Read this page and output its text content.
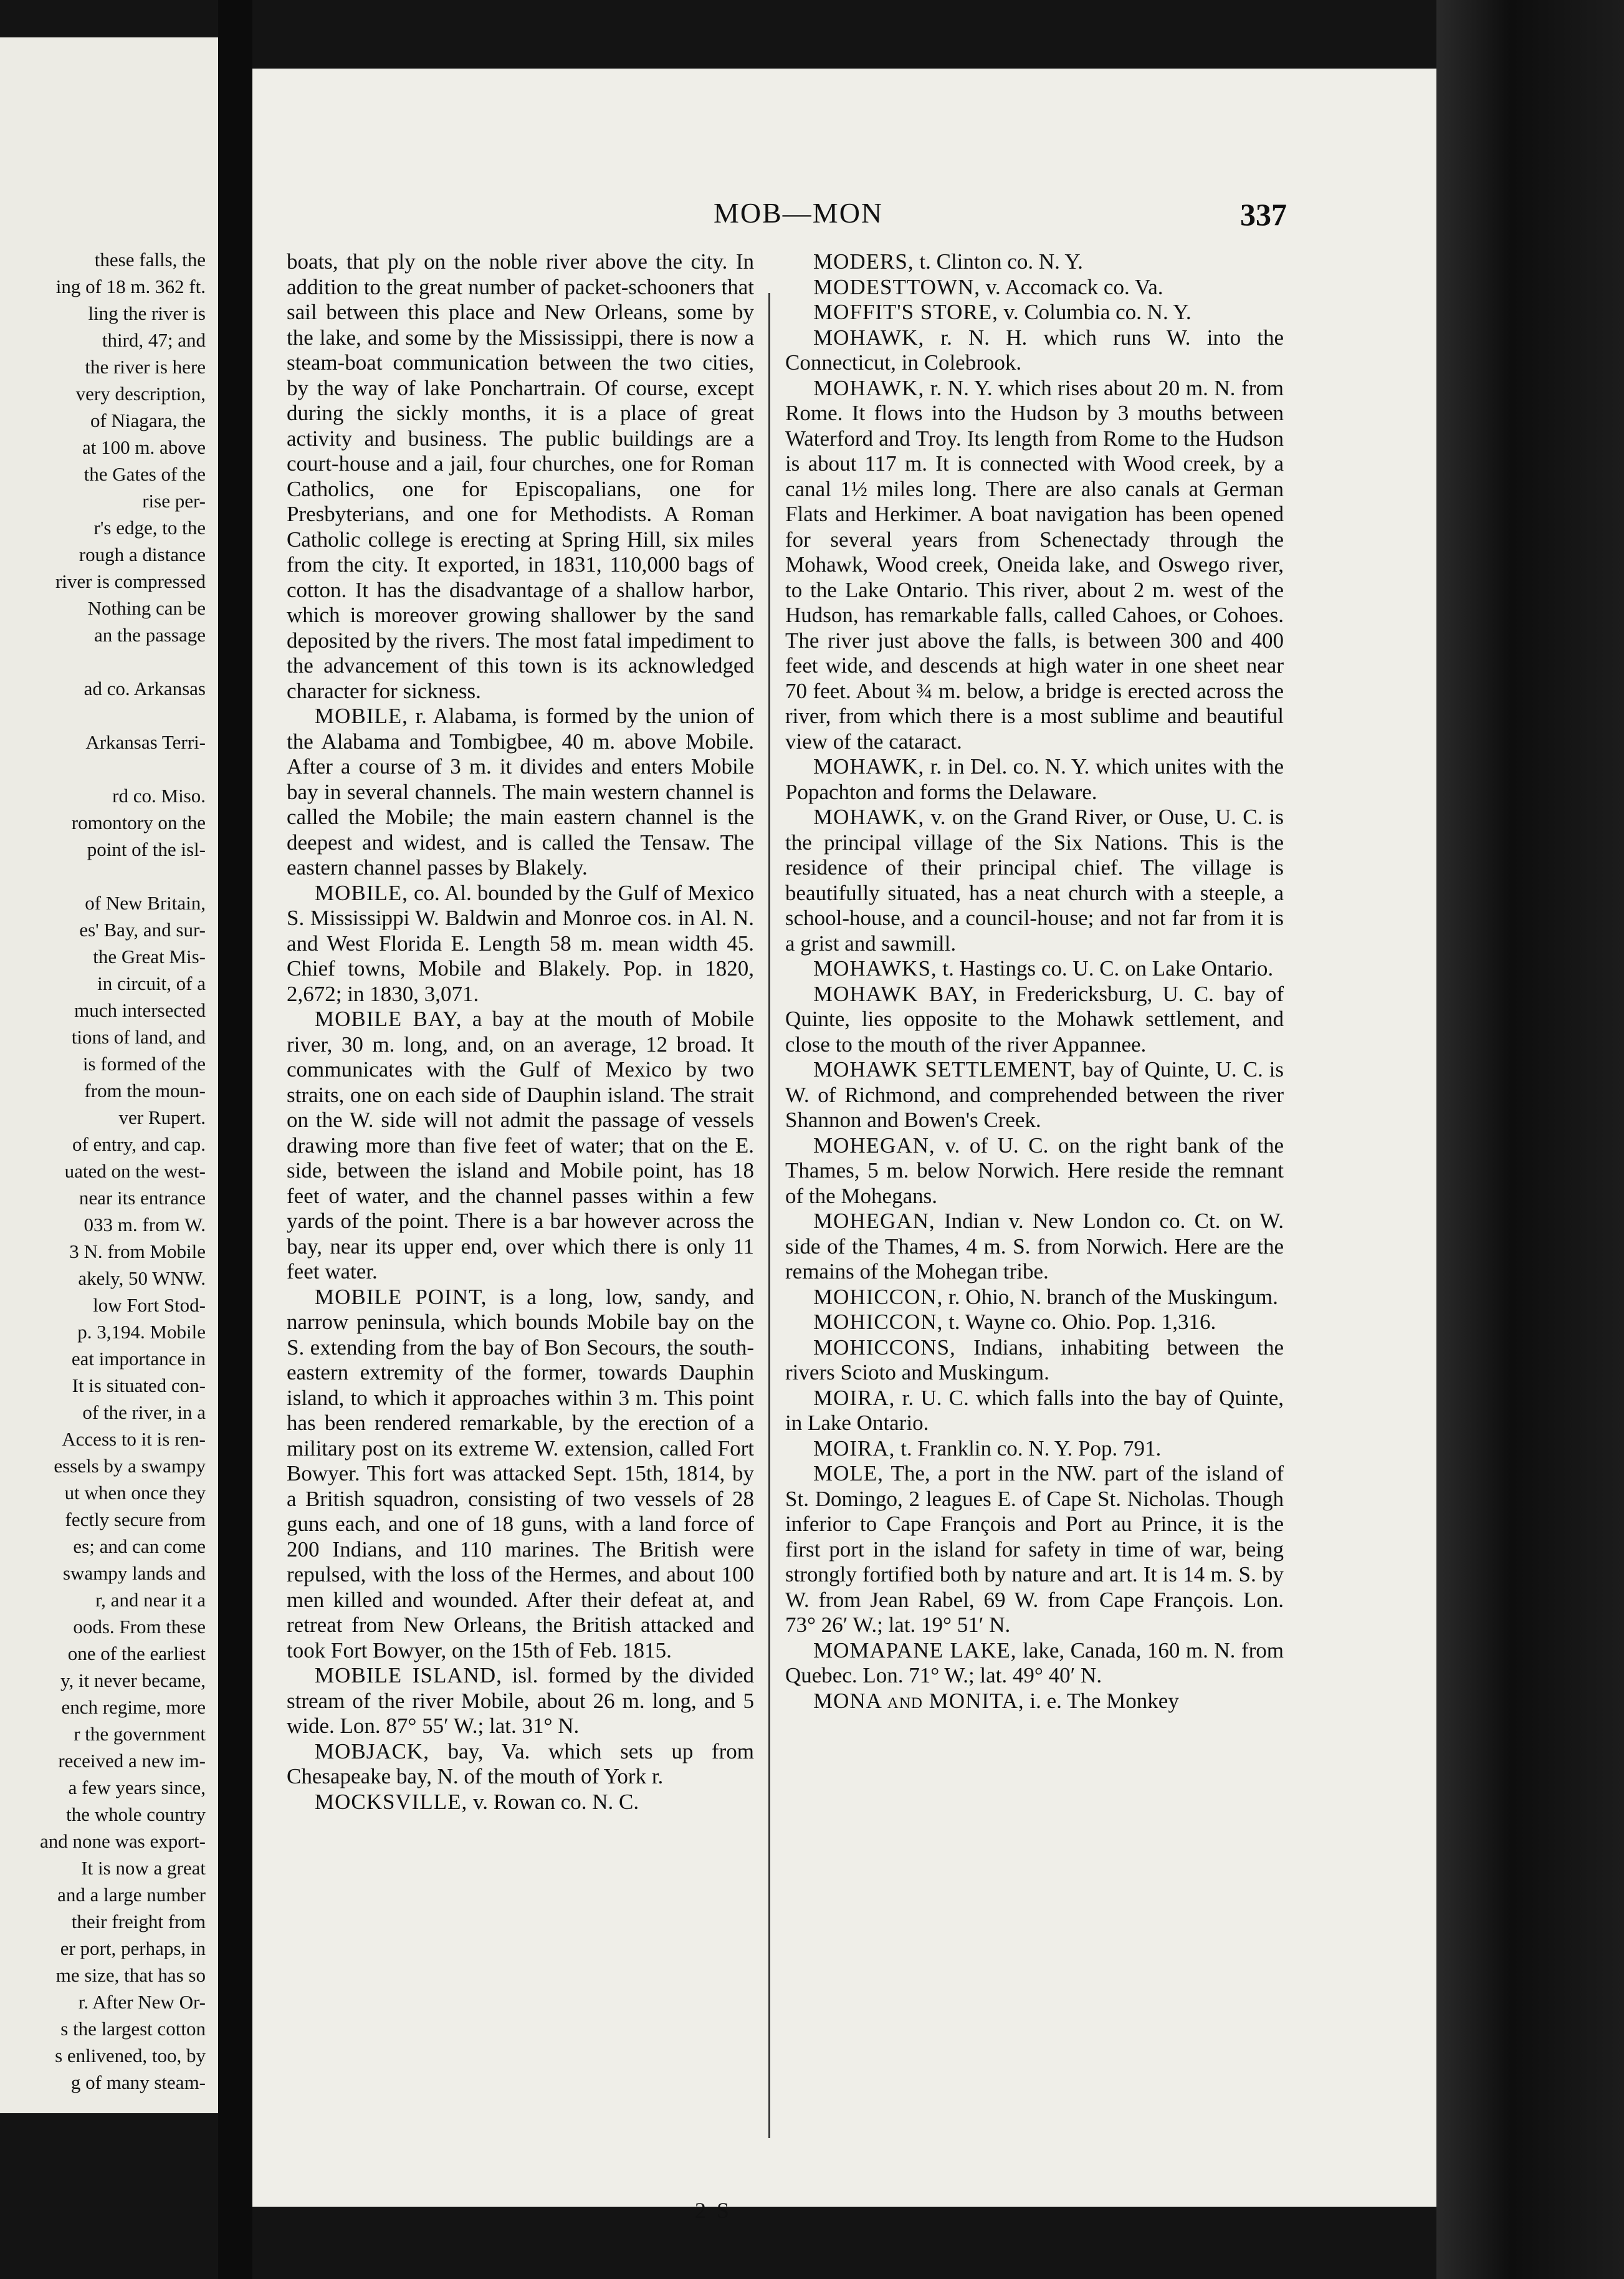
these falls, the
ing of 18 m. 362 ft.
ling the river is
third, 47; and
the river is here
very description,
of Niagara, the
at 100 m. above
the Gates of the
rise per-
r's edge, to the
rough a distance
river is compressed
Nothing can be
an the passage
ad co. Arkansas
Arkansas Terri-
rd co. Miso.
romontory on the
point of the isl-
of New Britain,
es' Bay, and sur-
the Great Mis-
in circuit, of a
much intersected
tions of land, and
is formed of the
from the moun-
ver Rupert.
of entry, and cap.
uated on the west-
near its entrance
033 m. from W.
3 N. from Mobile
akely, 50 WNW.
low Fort Stod-
p. 3,194. Mobile
eat importance in
It is situated con-
of the river, in a
Access to it is ren-
essels by a swampy
ut when once they
fectly secure from
es; and can come
swampy lands and
r, and near it a
oods. From these
one of the earliest
y, it never became,
ench regime, more
r the government
received a new im-
a few years since,
the whole country
and none was export-
It is now a great
and a large number
their freight from
er port, perhaps, in
me size, that has so
r. After New Or-
s the largest cotton
s enlivened, too, by
g of many steam-
MOB—MON	337
boats, that ply on the noble river above the city. In addition to the great number of packet-schooners that sail between this place and New Orleans, some by the lake, and some by the Mississippi, there is now a steam-boat communication between the two cities, by the way of lake Ponchartrain. Of course, except during the sickly months, it is a place of great activity and business. The public buildings are a court-house and a jail, four churches, one for Roman Catholics, one for Episcopalians, one for Presbyterians, and one for Methodists. A Roman Catholic college is erecting at Spring Hill, six miles from the city. It exported, in 1831, 110,000 bags of cotton. It has the disadvantage of a shallow harbor, which is moreover growing shallower by the sand deposited by the rivers. The most fatal impediment to the advancement of this town is its acknowledged character for sickness.
MOBILE, r. Alabama, is formed by the union of the Alabama and Tombigbee, 40 m. above Mobile. After a course of 3 m. it divides and enters Mobile bay in several channels. The main western channel is called the Mobile; the main eastern channel is the deepest and widest, and is called the Tensaw. The eastern channel passes by Blakely.
MOBILE, co. Al. bounded by the Gulf of Mexico S. Mississippi W. Baldwin and Monroe cos. in Al. N. and West Florida E. Length 58 m. mean width 45. Chief towns, Mobile and Blakely. Pop. in 1820, 2,672; in 1830, 3,071.
MOBILE BAY, a bay at the mouth of Mobile river, 30 m. long, and, on an average, 12 broad. It communicates with the Gulf of Mexico by two straits, one on each side of Dauphin island. The strait on the W. side will not admit the passage of vessels drawing more than five feet of water; that on the E. side, between the island and Mobile point, has 18 feet of water, and the channel passes within a few yards of the point. There is a bar however across the bay, near its upper end, over which there is only 11 feet water.
MOBILE POINT, is a long, low, sandy, and narrow peninsula, which bounds Mobile bay on the S. extending from the bay of Bon Secours, the south-eastern extremity of the former, towards Dauphin island, to which it approaches within 3 m. This point has been rendered remarkable, by the erection of a military post on its extreme W. extension, called Fort Bowyer. This fort was attacked Sept. 15th, 1814, by a British squadron, consisting of two vessels of 28 guns each, and one of 18 guns, with a land force of 200 Indians, and 110 marines. The British were repulsed, with the loss of the Hermes, and about 100 men killed and wounded. After their defeat at, and retreat from New Orleans, the British attacked and took Fort Bowyer, on the 15th of Feb. 1815.
MOBILE ISLAND, isl. formed by the divided stream of the river Mobile, about 26 m. long, and 5 wide. Lon. 87° 55′ W.; lat. 31° N.
MOBJACK, bay, Va. which sets up from Chesapeake bay, N. of the mouth of York r.
MOCKSVILLE, v. Rowan co. N. C.
MODERS, t. Clinton co. N. Y.
MODESTTOWN, v. Accomack co. Va.
MOFFIT'S STORE, v. Columbia co. N. Y.
MOHAWK, r. N. H. which runs W. into the Connecticut, in Colebrook.
MOHAWK, r. N. Y. which rises about 20 m. N. from Rome. It flows into the Hudson by 3 mouths between Waterford and Troy. Its length from Rome to the Hudson is about 117 m. It is connected with Wood creek, by a canal 1½ miles long. There are also canals at German Flats and Herkimer. A boat navigation has been opened for several years from Schenectady through the Mohawk, Wood creek, Oneida lake, and Oswego river, to the Lake Ontario. This river, about 2 m. west of the Hudson, has remarkable falls, called Cahoes, or Cohoes. The river just above the falls, is between 300 and 400 feet wide, and descends at high water in one sheet near 70 feet. About ¾ m. below, a bridge is erected across the river, from which there is a most sublime and beautiful view of the cataract.
MOHAWK, r. in Del. co. N. Y. which unites with the Popachton and forms the Delaware.
MOHAWK, v. on the Grand River, or Ouse, U. C. is the principal village of the Six Nations. This is the residence of their principal chief. The village is beautifully situated, has a neat church with a steeple, a school-house, and a council-house; and not far from it is a grist and sawmill.
MOHAWKS, t. Hastings co. U. C. on Lake Ontario.
MOHAWK BAY, in Fredericksburg, U. C. bay of Quinte, lies opposite to the Mohawk settlement, and close to the mouth of the river Appannee.
MOHAWK SETTLEMENT, bay of Quinte, U. C. is W. of Richmond, and comprehended between the river Shannon and Bowen's Creek.
MOHEGAN, v. of U. C. on the right bank of the Thames, 5 m. below Norwich. Here reside the remnant of the Mohegans.
MOHEGAN, Indian v. New London co. Ct. on W. side of the Thames, 4 m. S. from Norwich. Here are the remains of the Mohegan tribe.
MOHICCON, r. Ohio, N. branch of the Muskingum.
MOHICCON, t. Wayne co. Ohio. Pop. 1,316.
MOHICCONS, Indians, inhabiting between the rivers Scioto and Muskingum.
MOIRA, r. U. C. which falls into the bay of Quinte, in Lake Ontario.
MOIRA, t. Franklin co. N. Y. Pop. 791.
MOLE, The, a port in the NW. part of the island of St. Domingo, 2 leagues E. of Cape St. Nicholas. Though inferior to Cape François and Port au Prince, it is the first port in the island for safety in time of war, being strongly fortified both by nature and art. It is 14 m. S. by W. from Jean Rabel, 69 W. from Cape François. Lon. 73° 26′ W.; lat. 19° 51′ N.
MOMAPANE LAKE, lake, Canada, 160 m. N. from Quebec. Lon. 71° W.; lat. 49° 40′ N.
MONA and MONITA, i. e. The Monkey
2 S
